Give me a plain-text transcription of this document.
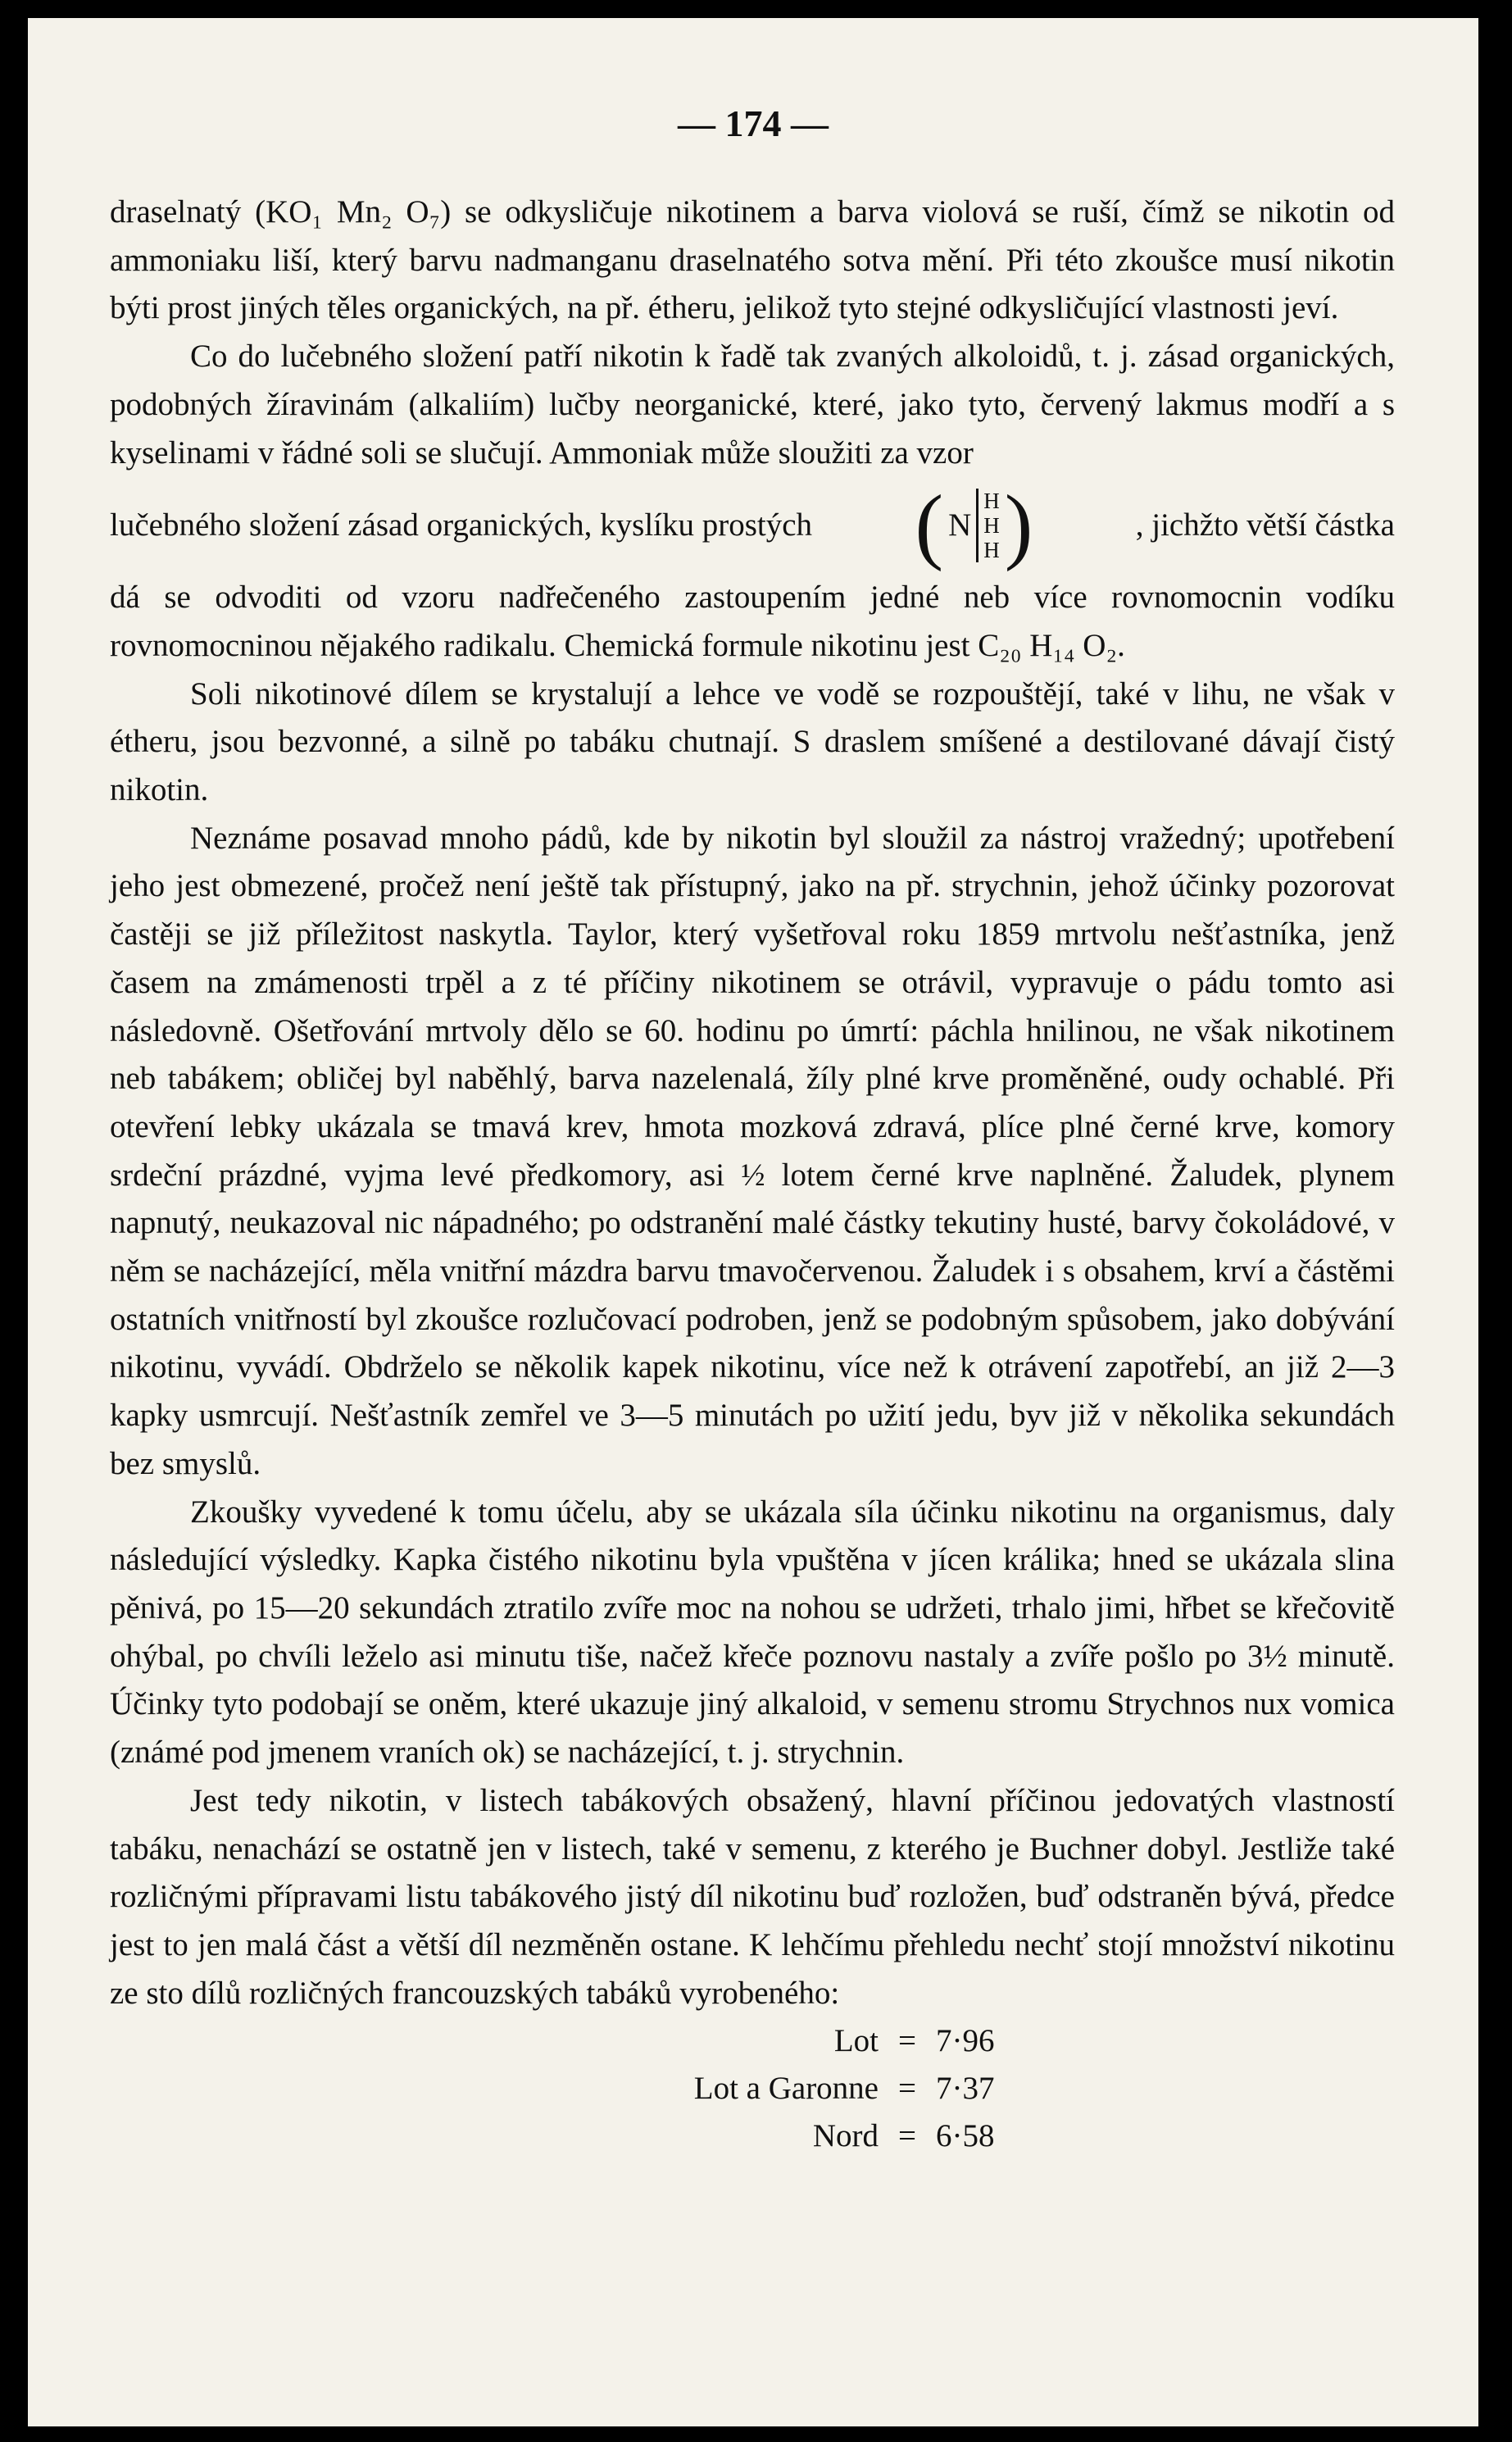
— 174 —

draselnatý (KO₁ Mn₂ O₇) se odkysličuje nikotinem a barva violová se ruší, čímž se nikotin od ammoniaku liší, který barvu nadmanganu draselnatého sotva mění. Při této zkoušce musí nikotin býti prost jiných těles organických, na př. étheru, jelikož tyto stejné odkysličující vlastnosti jeví.

Co do lučebného složení patří nikotin k řadě tak zvaných alkoloidů, t. j. zásad organických, podobných žíravinám (alkaliím) lučby neorganické, které, jako tyto, červený lakmus modří a s kyselinami v řádné soli se slučují. Ammoniak může sloužiti za vzor

lučebného složení zásad organických, kyslíku prostých ( N
H
H
H )	, jichžto větší částka

dá se odvoditi od vzoru nadřečeného zastoupením jedné neb více rovnomocnin vodíku rovnomocninou nějakého radikalu. Chemická formule nikotinu jest C₂₀ H₁₄ O₂.

Soli nikotinové dílem se krystalují a lehce ve vodě se rozpouštějí, také v lihu, ne však v étheru, jsou bezvonné, a silně po tabáku chutnají. S draslem smíšené a destilované dávají čistý nikotin.

Neznáme posavad mnoho pádů, kde by nikotin byl sloužil za nástroj vražedný; upotřebení jeho jest obmezené, pročež není ještě tak přístupný, jako na př. strychnin, jehož účinky pozorovat častěji se již příležitost naskytla. Taylor, který vyšetřoval roku 1859 mrtvolu nešťastníka, jenž časem na zmámenosti trpěl a z té příčiny nikotinem se otrávil, vypravuje o pádu tomto asi následovně. Ošetřování mrtvoly dělo se 60. hodinu po úmrtí: páchla hnilinou, ne však nikotinem neb tabákem; obličej byl naběhlý, barva nazelenalá, žíly plné krve proměněné, oudy ochablé. Při otevření lebky ukázala se tmavá krev, hmota mozková zdravá, plíce plné černé krve, komory srdeční prázdné, vyjma levé předkomory, asi ½ lotem černé krve naplněné. Žaludek, plynem napnutý, neukazoval nic nápadného; po odstranění malé částky tekutiny husté, barvy čokoládové, v něm se nacházející, měla vnitřní mázdra barvu tmavočervenou. Žaludek i s obsahem, krví a částěmi ostatních vnitřností byl zkoušce rozlučovací podroben, jenž se podobným spůsobem, jako dobývání nikotinu, vyvádí. Obdrželo se několik kapek nikotinu, více než k otrávení zapotřebí, an již 2—3 kapky usmrcují. Nešťastník zemřel ve 3—5 minutách po užití jedu, byv již v několika sekundách bez smyslů.

Zkoušky vyvedené k tomu účelu, aby se ukázala síla účinku nikotinu na organismus, daly následující výsledky. Kapka čistého nikotinu byla vpuštěna v jícen králika; hned se ukázala slina pěnivá, po 15—20 sekundách ztratilo zvíře moc na nohou se udržeti, trhalo jimi, hřbet se křečovitě ohýbal, po chvíli leželo asi minutu tiše, načež křeče poznovu nastaly a zvíře pošlo po 3½ minutě. Účinky tyto podobají se oněm, které ukazuje jiný alkaloid, v semenu stromu Strychnos nux vomica (známé pod jmenem vraních ok) se nacházející, t. j. strychnin.

Jest tedy nikotin, v listech tabákových obsažený, hlavní příčinou jedovatých vlastností tabáku, nenachází se ostatně jen v listech, také v semenu, z kterého je Buchner dobyl. Jestliže také rozličnými přípravami listu tabákového jistý díl nikotinu buď rozložen, buď odstraněn bývá, předce jest to jen malá část a větší díl nezměněn ostane. K lehčímu přehledu nechť stojí množství nikotinu ze sto dílů rozličných francouzských tabáků vyrobeného:

Lot = 7·96
Lot a Garonne = 7·37
Nord = 6·58
